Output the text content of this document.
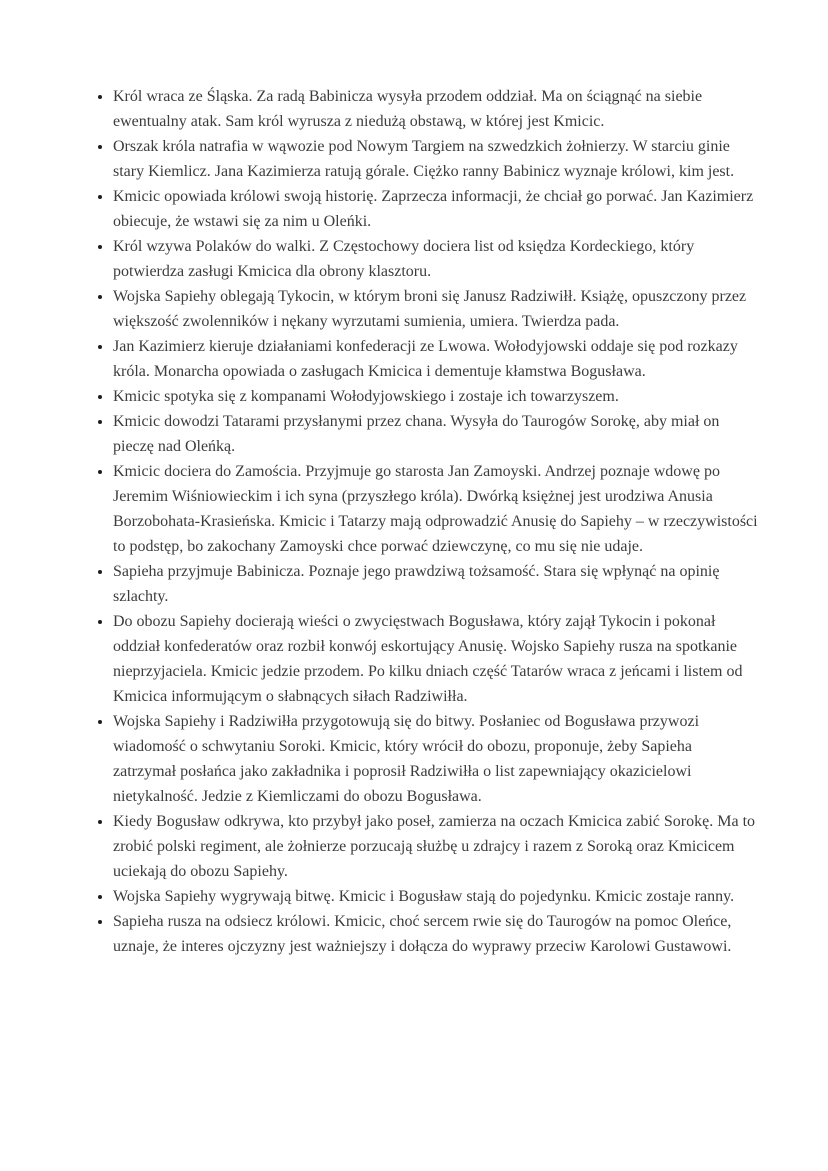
• Król wraca ze Śląska. Za radą Babinicza wysyła przodem oddział. Ma on ściągnąć na siebie ewentualny atak. Sam król wyrusza z niedużą obstawą, w której jest Kmicic.
• Orszak króla natrafia w wąwozie pod Nowym Targiem na szwedzkich żołnierzy. W starciu ginie stary Kiemlicz. Jana Kazimierza ratują górale. Ciężko ranny Babinicz wyznaje królowi, kim jest.
• Kmicic opowiada królowi swoją historię. Zaprzecza informacji, że chciał go porwać. Jan Kazimierz obiecuje, że wstawi się za nim u Oleńki.
• Król wzywa Polaków do walki. Z Częstochowy dociera list od księdza Kordeckiego, który potwierdza zasługi Kmicica dla obrony klasztoru.
• Wojska Sapiehy oblegają Tykocin, w którym broni się Janusz Radziwiłł. Książę, opuszczony przez większość zwolenników i nękany wyrzutami sumienia, umiera. Twierdza pada.
• Jan Kazimierz kieruje działaniami konfederacji ze Lwowa. Wołodyjowski oddaje się pod rozkazy króla. Monarcha opowiada o zasługach Kmicica i dementuje kłamstwa Bogusława.
• Kmicic spotyka się z kompanami Wołodyjowskiego i zostaje ich towarzyszem.
• Kmicic dowodzi Tatarami przysłanymi przez chana. Wysyła do Taurogów Sorokę, aby miał on pieczę nad Oleńką.
• Kmicic dociera do Zamościa. Przyjmuje go starosta Jan Zamoyski. Andrzej poznaje wdowę po Jeremim Wiśniowieckim i ich syna (przyszłego króla). Dwórką księżnej jest urodziwa Anusia Borzobohata-Krasieńska. Kmicic i Tatarzy mają odprowadzić Anusię do Sapiehy – w rzeczywistości to podstęp, bo zakochany Zamoyski chce porwać dziewczynę, co mu się nie udaje.
• Sapieha przyjmuje Babinicza. Poznaje jego prawdziwą tożsamość. Stara się wpłynąć na opinię szlachty.
• Do obozu Sapiehy docierają wieści o zwycięstwach Bogusława, który zajął Tykocin i pokonał oddział konfederatów oraz rozbił konwój eskortujący Anusię. Wojsko Sapiehy rusza na spotkanie nieprzyjaciela. Kmicic jedzie przodem. Po kilku dniach część Tatarów wraca z jeńcami i listem od Kmicica informującym o słabnących siłach Radziwiłła.
• Wojska Sapiehy i Radziwiłła przygotowują się do bitwy. Posłaniec od Bogusława przywozi wiadomość o schwytaniu Soroki. Kmicic, który wrócił do obozu, proponuje, żeby Sapieha zatrzymał posłańca jako zakładnika i poprosił Radziwiłła o list zapewniający okazicielowi nietykalność. Jedzie z Kiemliczami do obozu Bogusława.
• Kiedy Bogusław odkrywa, kto przybył jako poseł, zamierza na oczach Kmicica zabić Sorokę. Ma to zrobić polski regiment, ale żołnierze porzucają służbę u zdrajcy i razem z Soroką oraz Kmicicem uciekają do obozu Sapiehy.
• Wojska Sapiehy wygrywają bitwę. Kmicic i Bogusław stają do pojedynku. Kmicic zostaje ranny.
• Sapieha rusza na odsiecz królowi. Kmicic, choć sercem rwie się do Taurogów na pomoc Oleńce, uznaje, że interes ojczyzny jest ważniejszy i dołącza do wyprawy przeciw Karolowi Gustawowi.
